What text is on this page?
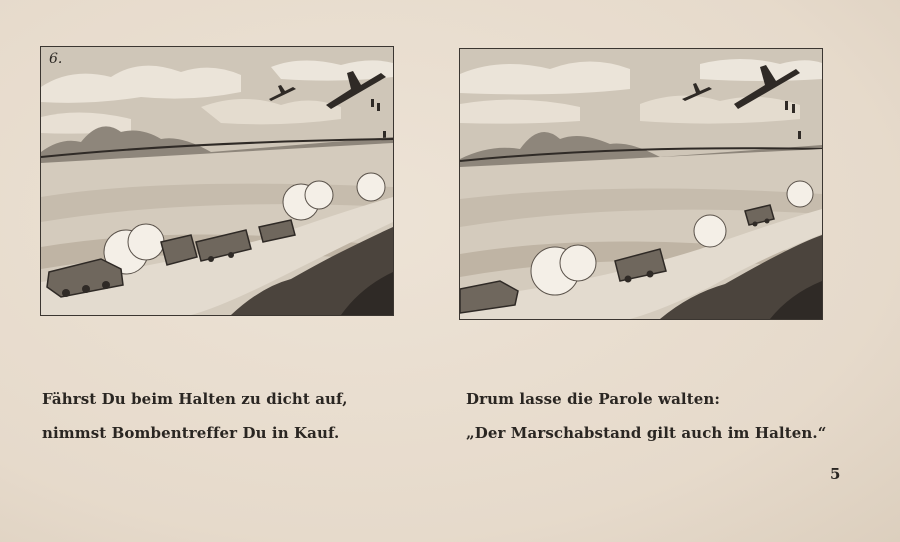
6.
Fährst Du beim Halten zu dicht auf,
nimmst Bombentreffer Du in Kauf.
Drum lasse die Parole walten:
„Der Marschabstand gilt auch im Halten.“
5
